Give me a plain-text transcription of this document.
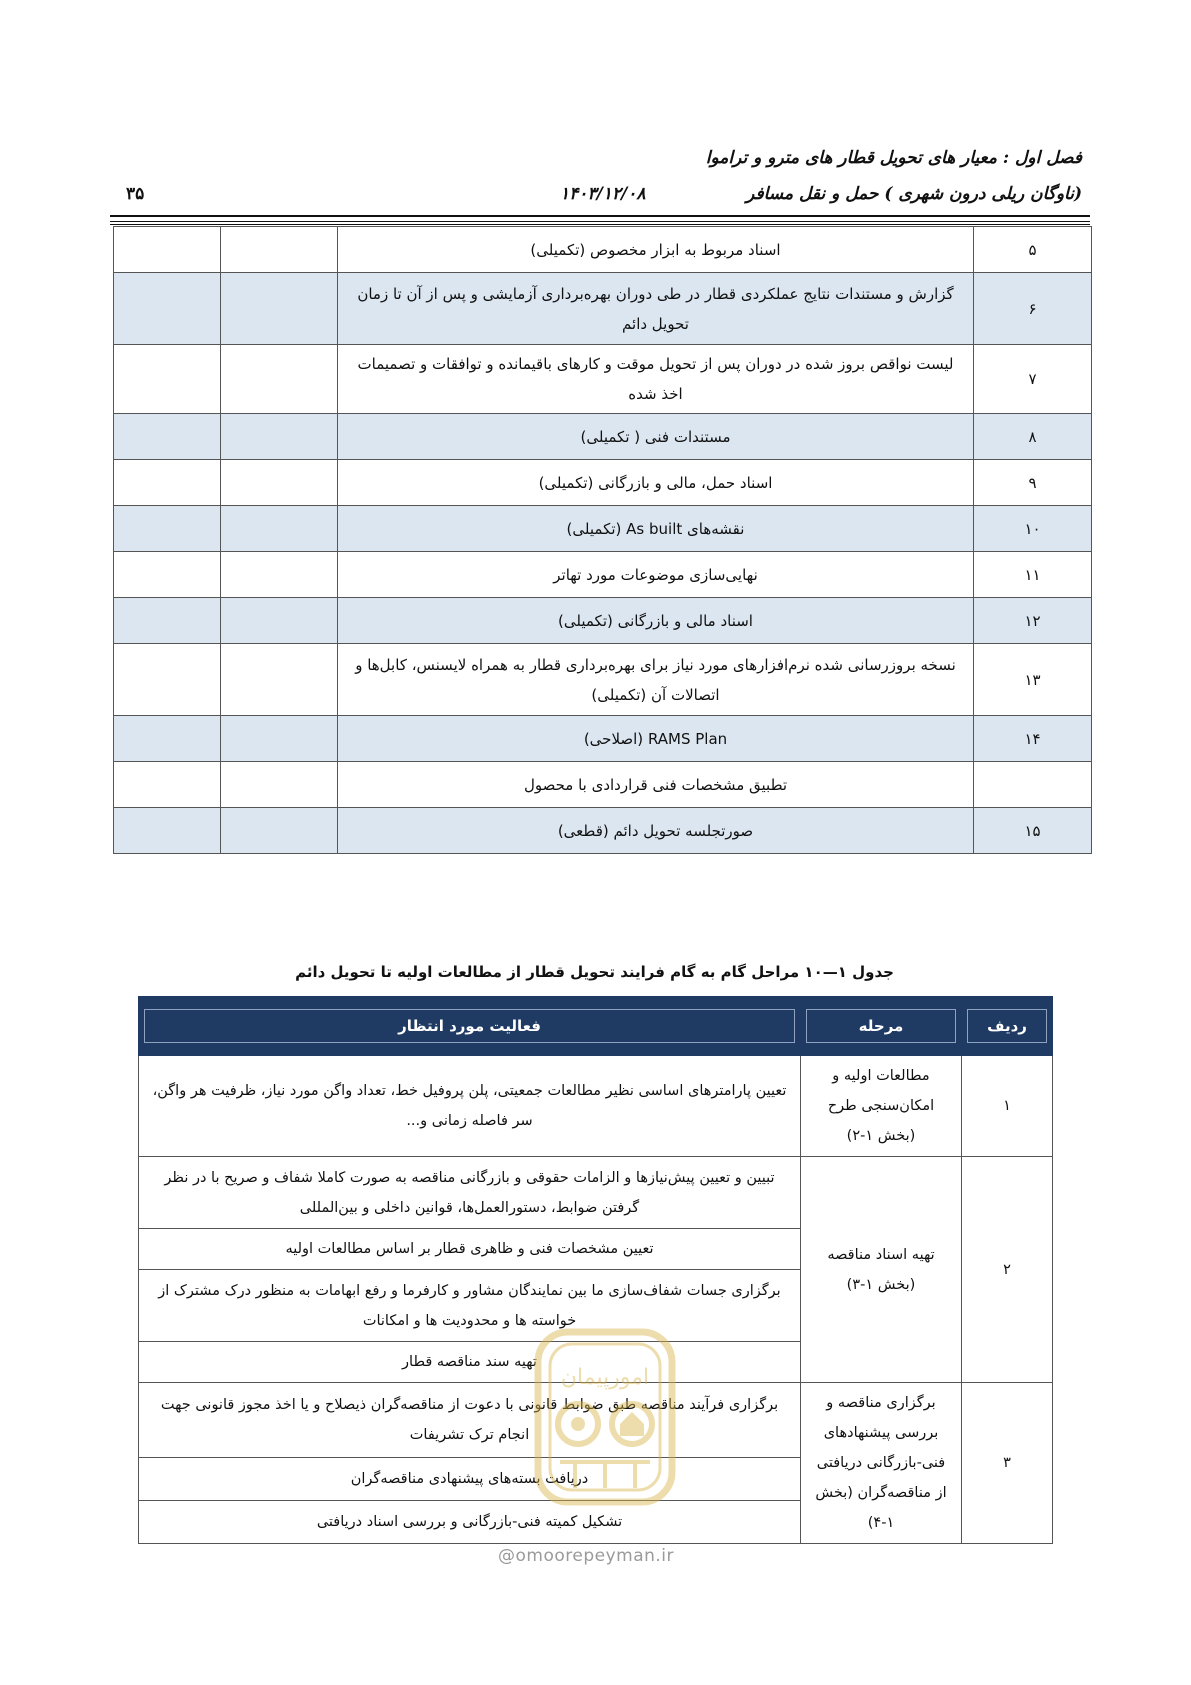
فصل اول : معیار های تحویل قطار های مترو و تراموا
(ناوگان ریلی درون شهری ) حمل و نقل مسافر
۱۴۰۳/۱۲/۰۸
۳۵
۵	اسناد مربوط به ابزار مخصوص (تکمیلی)		
۶	گزارش و مستندات نتایج عملکردی قطار در طی دوران بهره‌برداری آزمایشی و پس از آن تا زمان تحویل دائم		
۷	لیست نواقص بروز شده در دوران پس از تحویل موقت و کارهای باقیمانده و توافقات و تصمیمات اخذ شده		
۸	مستندات فنی ( تکمیلی)		
۹	اسناد حمل، مالی و بازرگانی (تکمیلی)		
۱۰	نقشه‌های As built (تکمیلی)		
۱۱	نهایی‌سازی موضوعات مورد تهاتر		
۱۲	اسناد مالی و بازرگانی (تکمیلی)		
۱۳	نسخه بروزرسانی شده نرم‌افزارهای مورد نیاز برای بهره‌برداری قطار به همراه لایسنس، کابل‌ها و اتصالات آن (تکمیلی)		
۱۴	RAMS Plan (اصلاحی)		
	تطبیق مشخصات فنی قراردادی با محصول		
۱۵	صورتجلسه تحویل دائم (قطعی)		
جدول ۱—۱۰ مراحل گام به گام فرایند تحویل قطار از مطالعات اولیه تا تحویل دائم
ردیف	مرحله	فعالیت مورد انتظار

۱	مطالعات اولیه و امکان‌سنجی طرح (بخش ۱-۲)	تعیین پارامترهای اساسی نظیر مطالعات جمعیتی، پلن پروفیل خط، تعداد واگن مورد نیاز، ظرفیت هر واگن، سر فاصله زمانی و...
۲	تهیه اسناد مناقصه (بخش ۱-۳)	تبیین و تعیین پیش‌نیازها و الزامات حقوقی و بازرگانی مناقصه به صورت کاملا شفاف و صریح با در نظر گرفتن ضوابط، دستورالعمل‌ها، قوانین داخلی و بین‌المللی
		تعیین مشخصات فنی و ظاهری قطار بر اساس مطالعات اولیه
		برگزاری جسات شفاف‌سازی ما بین نمایندگان مشاور و کارفرما و رفع ابهامات به منظور درک مشترک از خواسته ها و محدودیت ها و امکانات
		تهیه سند مناقصه قطار
۳	برگزاری مناقصه و بررسی پیشنهادهای فنی-بازرگانی دریافتی از مناقصه‌گران (بخش ۱-۴)	برگزاری فرآیند مناقصه طبق ضوابط قانونی با دعوت از مناقصه‌گران ذیصلاح و یا اخذ مجوز قانونی جهت انجام ترک تشریفات
		دریافت بسته‌های پیشنهادی مناقصه‌گران
		تشکیل کمیته فنی-بازرگانی و بررسی اسناد دریافتی
امورپیمان
@omoorepeyman.ir
